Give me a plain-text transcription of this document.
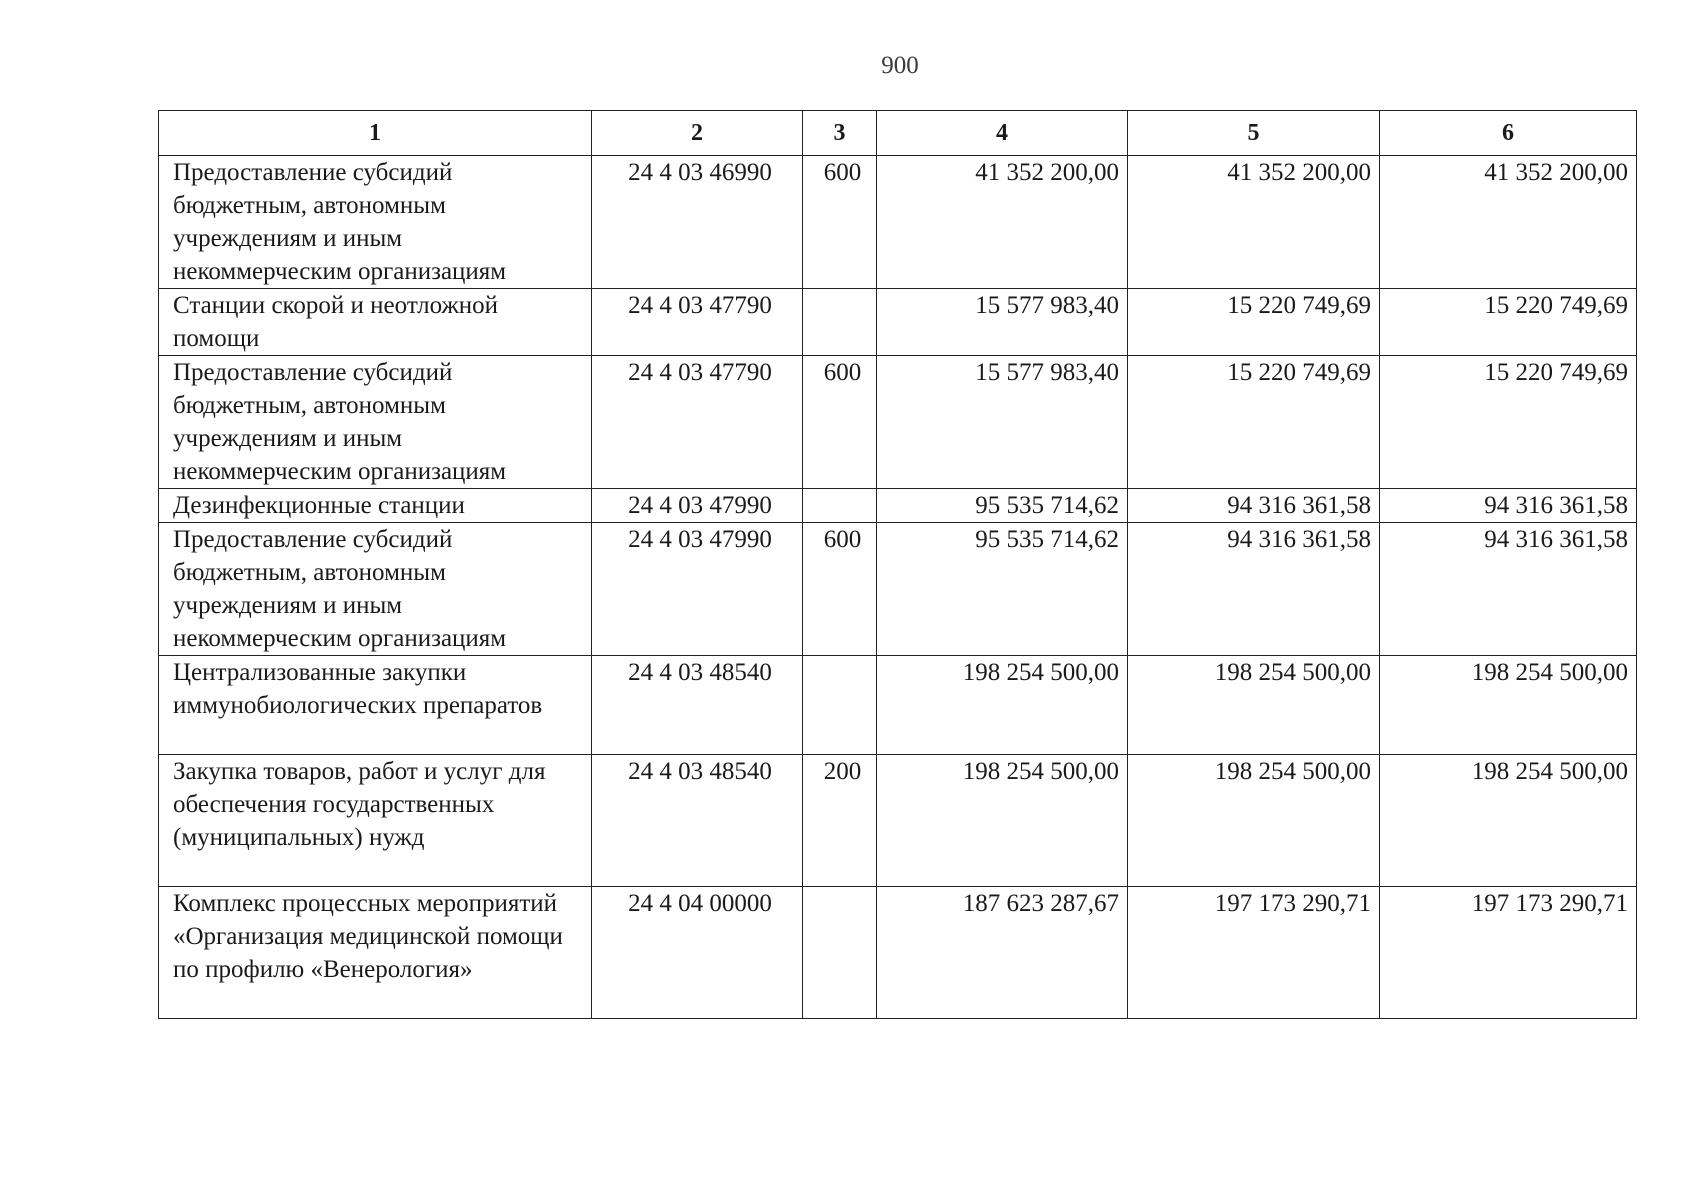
900
1	2	3	4	5	6
Предоставление субсидий бюджетным, автономным учреждениям и иным некоммерческим организациям	24 4 03 46990	600	41 352 200,00	41 352 200,00	41 352 200,00
Станции скорой и неотложной помощи	24 4 03 47790		15 577 983,40	15 220 749,69	15 220 749,69
Предоставление субсидий бюджетным, автономным учреждениям и иным некоммерческим организациям	24 4 03 47790	600	15 577 983,40	15 220 749,69	15 220 749,69
Дезинфекционные станции	24 4 03 47990		95 535 714,62	94 316 361,58	94 316 361,58
Предоставление субсидий бюджетным, автономным учреждениям и иным некоммерческим организациям	24 4 03 47990	600	95 535 714,62	94 316 361,58	94 316 361,58
Централизованные закупки иммунобиологических препаратов	24 4 03 48540		198 254 500,00	198 254 500,00	198 254 500,00
Закупка товаров, работ и услуг для обеспечения государственных (муниципальных) нужд	24 4 03 48540	200	198 254 500,00	198 254 500,00	198 254 500,00
Комплекс процессных мероприятий «Организация медицинской помощи по профилю «Венерология»	24 4 04 00000		187 623 287,67	197 173 290,71	197 173 290,71
